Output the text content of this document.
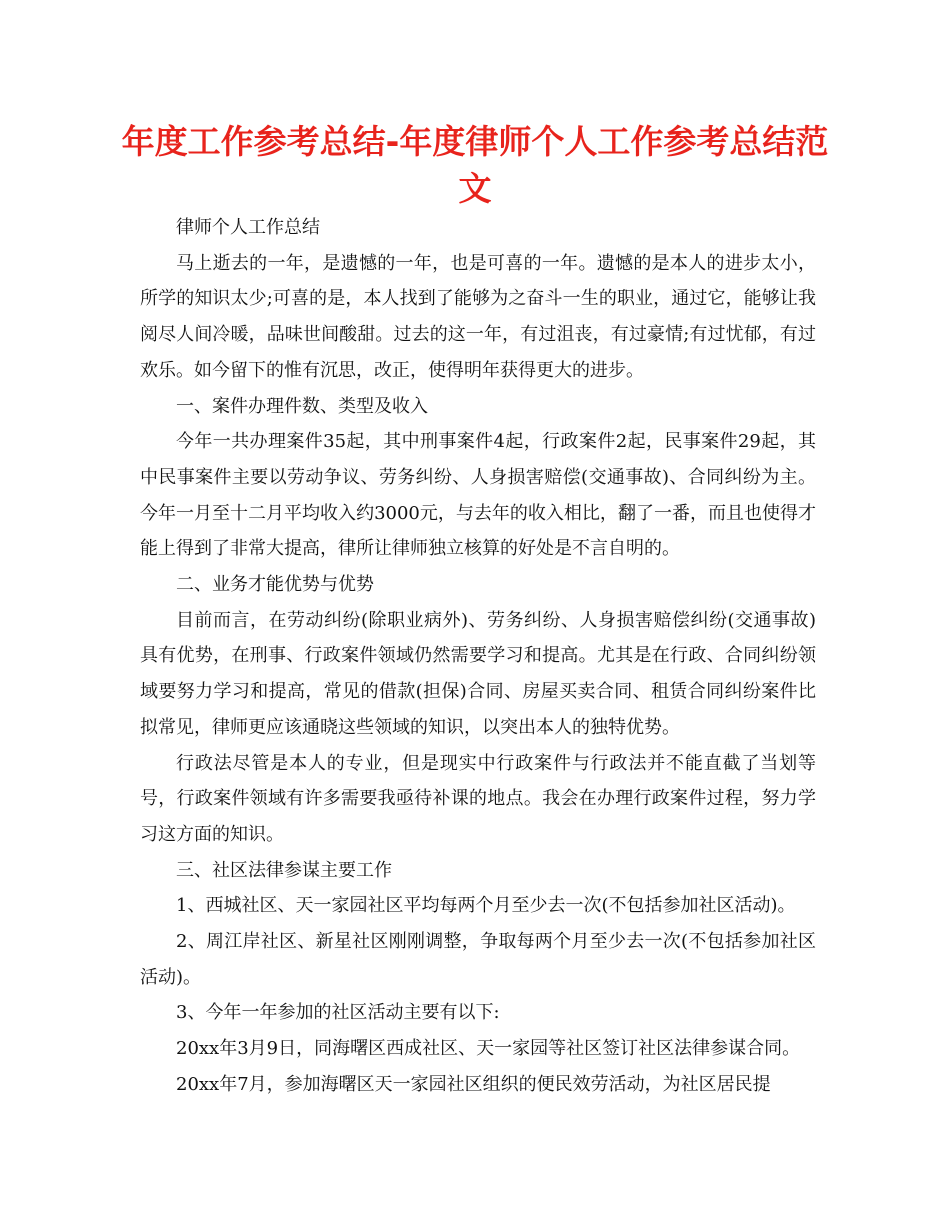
年度工作参考总结-年度律师个人工作参考总结范文

律师个人工作总结

马上逝去的一年，是遗憾的一年，也是可喜的一年。遗憾的是本人的进步太小，所学的知识太少;可喜的是，本人找到了能够为之奋斗一生的职业，通过它，能够让我阅尽人间冷暖，品味世间酸甜。过去的这一年，有过沮丧，有过豪情;有过忧郁，有过欢乐。如今留下的惟有沉思，改正，使得明年获得更大的进步。

一、案件办理件数、类型及收入

今年一共办理案件35起，其中刑事案件4起，行政案件2起，民事案件29起，其中民事案件主要以劳动争议、劳务纠纷、人身损害赔偿(交通事故)、合同纠纷为主。今年一月至十二月平均收入约3000元，与去年的收入相比，翻了一番，而且也使得才能上得到了非常大提高，律所让律师独立核算的好处是不言自明的。

二、业务才能优势与优势

目前而言，在劳动纠纷(除职业病外)、劳务纠纷、人身损害赔偿纠纷(交通事故)具有优势，在刑事、行政案件领域仍然需要学习和提高。尤其是在行政、合同纠纷领域要努力学习和提高，常见的借款(担保)合同、房屋买卖合同、租赁合同纠纷案件比拟常见，律师更应该通晓这些领域的知识，以突出本人的独特优势。

行政法尽管是本人的专业，但是现实中行政案件与行政法并不能直截了当划等号，行政案件领域有许多需要我亟待补课的地点。我会在办理行政案件过程，努力学习这方面的知识。

三、社区法律参谋主要工作

1、西城社区、天一家园社区平均每两个月至少去一次(不包括参加社区活动)。

2、周江岸社区、新星社区刚刚调整，争取每两个月至少去一次(不包括参加社区活动)。

3、今年一年参加的社区活动主要有以下:

20xx年3月9日，同海曙区西成社区、天一家园等社区签订社区法律参谋合同。

20xx年7月，参加海曙区天一家园社区组织的便民效劳活动，为社区居民提
